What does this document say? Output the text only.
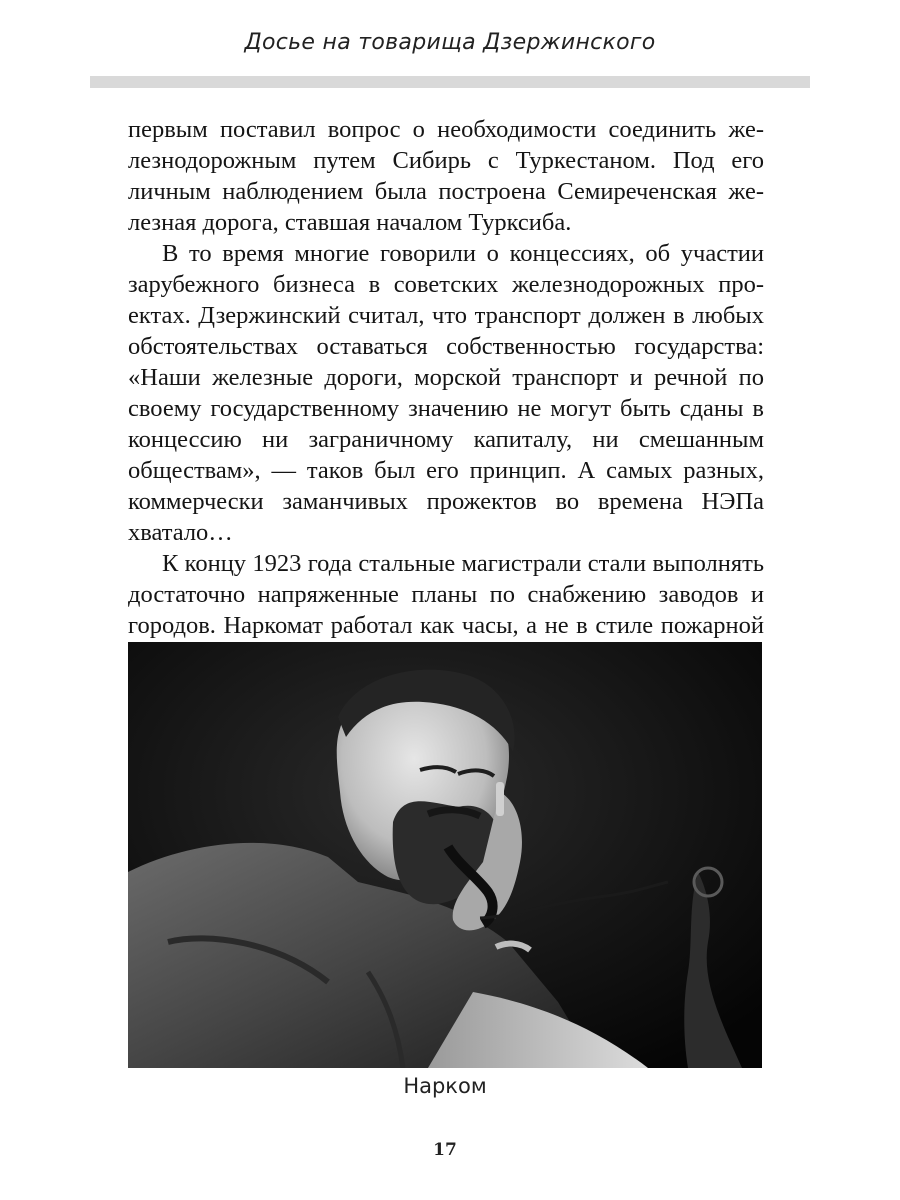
Досье на товарища Дзержинского

первым поставил вопрос о необходимости соединить железнодорожным путем Сибирь с Туркестаном. Под его личным наблюдением была построена Семиреченская железная дорога, ставшая началом Турксиба.

В то время многие говорили о концессиях, об участии зарубежного бизнеса в советских железнодорожных проектах. Дзержинский считал, что транспорт должен в любых обстоятельствах оставаться собственностью государства: «Наши железные дороги, морской транспорт и речной по своему государственному значению не могут быть сданы в концессию ни заграничному капиталу, ни смешанным обществам», — таков был его принцип. А самых разных, коммерчески заманчивых прожектов во времена НЭПа хватало…

К концу 1923 года стальные магистрали стали выполнять достаточно напряженные планы по снабжению заводов и городов. Наркомат работал как часы, а не в стиле пожарной

Нарком
17
